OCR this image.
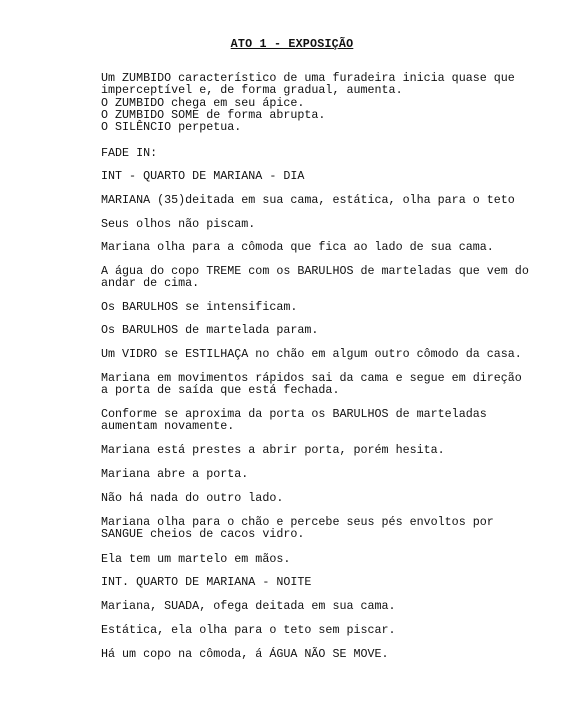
ATO 1 - EXPOSIÇÃO
Um ZUMBIDO característico de uma furadeira inicia quase que
imperceptível e, de forma gradual, aumenta.
O ZUMBIDO chega em seu ápice.
O ZUMBIDO SOME de forma abrupta.
O SILÊNCIO perpetua.
FADE IN:
INT - QUARTO DE MARIANA - DIA
MARIANA (35)deitada em sua cama, estática, olha para o teto
Seus olhos não piscam.
Mariana olha para a cômoda que fica ao lado de sua cama.
A água do copo TREME com os BARULHOS de marteladas que vem do
andar de cima.
Os BARULHOS se intensificam.
Os BARULHOS de martelada param.
Um VIDRO se ESTILHAÇA no chão em algum outro cômodo da casa.
Mariana em movimentos rápidos sai da cama e segue em direção
a porta de saída que está fechada.
Conforme se aproxima da porta os BARULHOS de marteladas
aumentam novamente.
Mariana está prestes a abrir porta, porém hesita.
Mariana abre a porta.
Não há nada do outro lado.
Mariana olha para o chão e percebe seus pés envoltos por
SANGUE cheios de cacos vidro.
Ela tem um martelo em mãos.
INT. QUARTO DE MARIANA - NOITE
Mariana, SUADA, ofega deitada em sua cama.
Estática, ela olha para o teto sem piscar.
Há um copo na cômoda, á ÁGUA NÃO SE MOVE.
